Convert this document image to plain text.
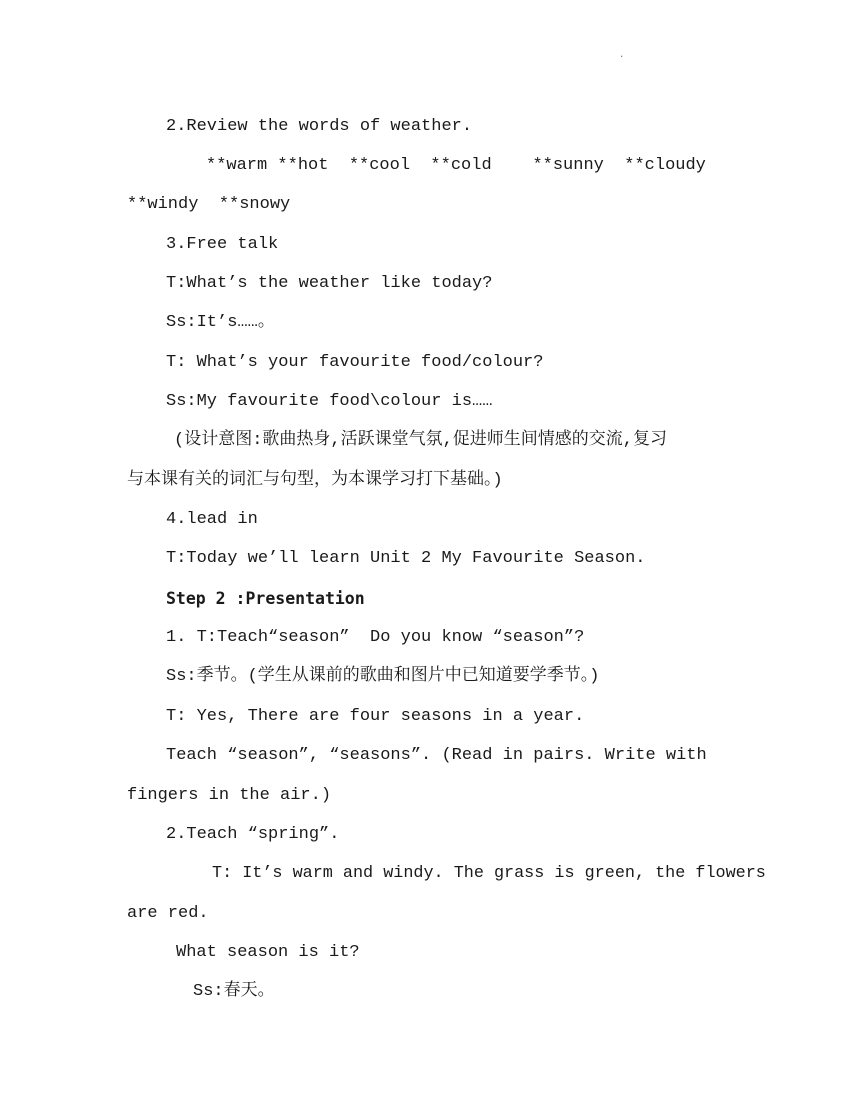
·
2.Review the words of weather.
**warm **hot  **cool  **cold    **sunny  **cloudy
**windy  **snowy
3.Free talk
T:What’s the weather like today?
Ss:It’s……。
T: What’s your favourite food/colour?
Ss:My favourite food\colour is……
(设计意图:歌曲热身,活跃课堂气氛,促进师生间情感的交流,复习
与本课有关的词汇与句型，为本课学习打下基础。)
4.lead in
T:Today we’ll learn Unit 2 My Favourite Season.
Step 2 :Presentation
1. T:Teach“season”  Do you know “season”?
Ss:季节。(学生从课前的歌曲和图片中已知道要学季节。)
T: Yes, There are four seasons in a year.
Teach “season”, “seasons”. (Read in pairs. Write with
fingers in the air.)
2.Teach “spring”.
T: It’s warm and windy. The grass is green, the flowers
are red.
What season is it?
Ss:春天。
